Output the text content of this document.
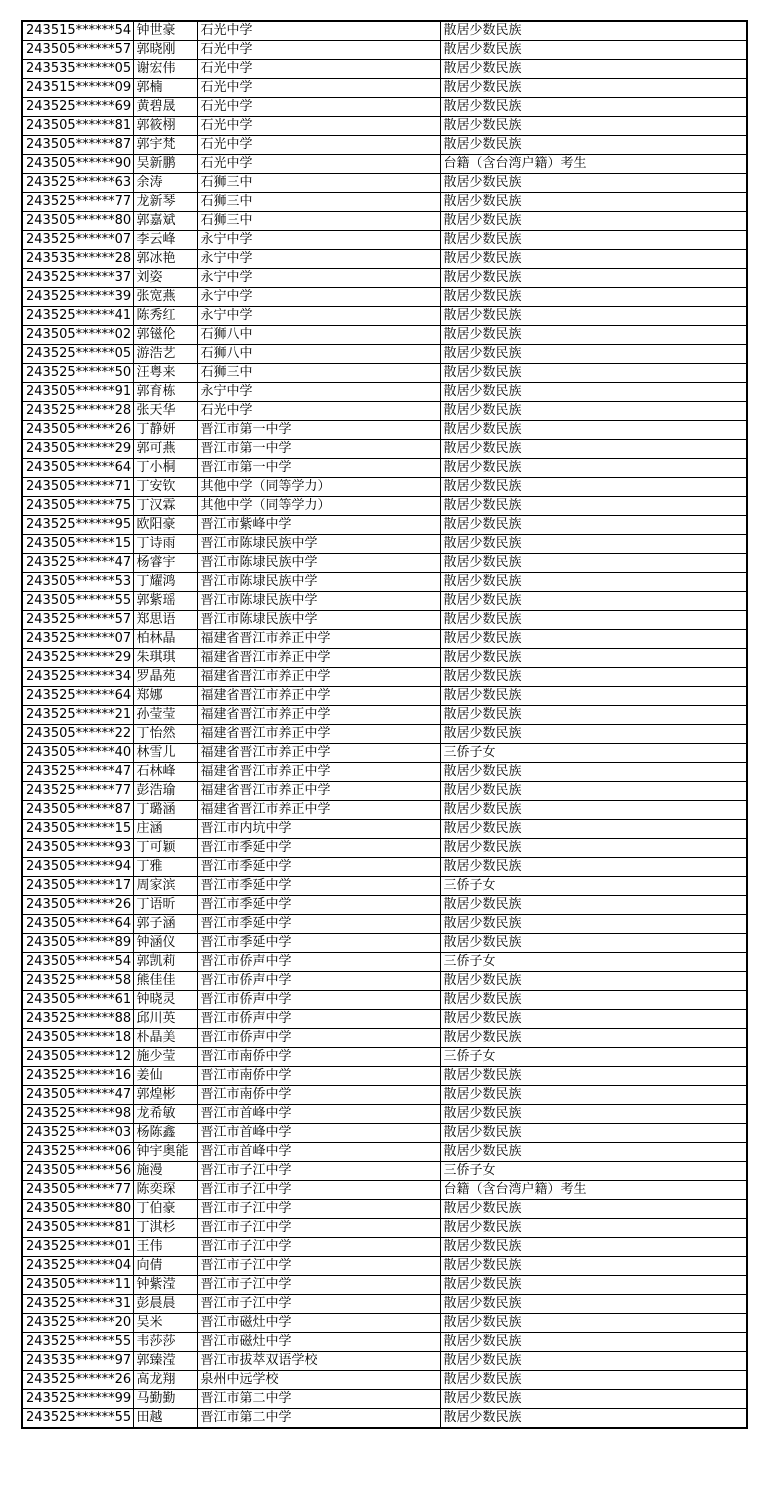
243515******54	钟世豪	石光中学	散居少数民族
243505******57	郭晓刚	石光中学	散居少数民族
243535******05	谢宏伟	石光中学	散居少数民族
243515******09	郭楠	石光中学	散居少数民族
243525******69	黄碧晟	石光中学	散居少数民族
243505******81	郭筱栩	石光中学	散居少数民族
243505******87	郭宇梵	石光中学	散居少数民族
243505******90	吴新鹏	石光中学	台籍（含台湾户籍）考生
243525******63	余涛	石狮三中	散居少数民族
243525******77	龙新琴	石狮三中	散居少数民族
243505******80	郭嘉斌	石狮三中	散居少数民族
243525******07	李云峰	永宁中学	散居少数民族
243535******28	郭冰艳	永宁中学	散居少数民族
243525******37	刘姿	永宁中学	散居少数民族
243525******39	张宽燕	永宁中学	散居少数民族
243525******41	陈秀红	永宁中学	散居少数民族
243505******02	郭镃伦	石狮八中	散居少数民族
243525******05	游浩艺	石狮八中	散居少数民族
243525******50	汪粤来	石狮三中	散居少数民族
243505******91	郭育栋	永宁中学	散居少数民族
243525******28	张天华	石光中学	散居少数民族
243505******26	丁静妍	晋江市第一中学	散居少数民族
243505******29	郭可燕	晋江市第一中学	散居少数民族
243505******64	丁小桐	晋江市第一中学	散居少数民族
243505******71	丁安钦	其他中学（同等学力）	散居少数民族
243505******75	丁汉霖	其他中学（同等学力）	散居少数民族
243525******95	欧阳豪	晋江市紫峰中学	散居少数民族
243505******15	丁诗雨	晋江市陈埭民族中学	散居少数民族
243525******47	杨睿宇	晋江市陈埭民族中学	散居少数民族
243505******53	丁耀鸿	晋江市陈埭民族中学	散居少数民族
243505******55	郭紫瑶	晋江市陈埭民族中学	散居少数民族
243525******57	郑思语	晋江市陈埭民族中学	散居少数民族
243525******07	柏林晶	福建省晋江市养正中学	散居少数民族
243525******29	朱琪琪	福建省晋江市养正中学	散居少数民族
243525******34	罗晶苑	福建省晋江市养正中学	散居少数民族
243525******64	郑娜	福建省晋江市养正中学	散居少数民族
243525******21	孙莹莹	福建省晋江市养正中学	散居少数民族
243505******22	丁怡然	福建省晋江市养正中学	散居少数民族
243505******40	林雪儿	福建省晋江市养正中学	三侨子女
243525******47	石林峰	福建省晋江市养正中学	散居少数民族
243525******77	彭浩瑜	福建省晋江市养正中学	散居少数民族
243505******87	丁璐涵	福建省晋江市养正中学	散居少数民族
243505******15	庄涵	晋江市内坑中学	散居少数民族
243505******93	丁可颖	晋江市季延中学	散居少数民族
243505******94	丁雅	晋江市季延中学	散居少数民族
243505******17	周家滨	晋江市季延中学	三侨子女
243505******26	丁语昕	晋江市季延中学	散居少数民族
243505******64	郭子涵	晋江市季延中学	散居少数民族
243505******89	钟涵仪	晋江市季延中学	散居少数民族
243505******54	郭凯莉	晋江市侨声中学	三侨子女
243525******58	熊佳佳	晋江市侨声中学	散居少数民族
243505******61	钟晓灵	晋江市侨声中学	散居少数民族
243525******88	邱川英	晋江市侨声中学	散居少数民族
243505******18	朴晶美	晋江市侨声中学	散居少数民族
243505******12	施少莹	晋江市南侨中学	三侨子女
243525******16	姜仙	晋江市南侨中学	散居少数民族
243505******47	郭煌彬	晋江市南侨中学	散居少数民族
243525******98	龙希敏	晋江市首峰中学	散居少数民族
243525******03	杨陈鑫	晋江市首峰中学	散居少数民族
243525******06	钟宇奥能	晋江市首峰中学	散居少数民族
243505******56	施漫	晋江市子江中学	三侨子女
243505******77	陈奕琛	晋江市子江中学	台籍（含台湾户籍）考生
243505******80	丁伯豪	晋江市子江中学	散居少数民族
243505******81	丁淇杉	晋江市子江中学	散居少数民族
243525******01	王伟	晋江市子江中学	散居少数民族
243525******04	向倩	晋江市子江中学	散居少数民族
243505******11	钟紫滢	晋江市子江中学	散居少数民族
243525******31	彭晨晨	晋江市子江中学	散居少数民族
243525******20	吴米	晋江市磁灶中学	散居少数民族
243525******55	韦莎莎	晋江市磁灶中学	散居少数民族
243535******97	郭臻滢	晋江市拔萃双语学校	散居少数民族
243525******26	高龙翔	泉州中远学校	散居少数民族
243525******99	马勤勤	晋江市第二中学	散居少数民族
243525******55	田越	晋江市第二中学	散居少数民族
